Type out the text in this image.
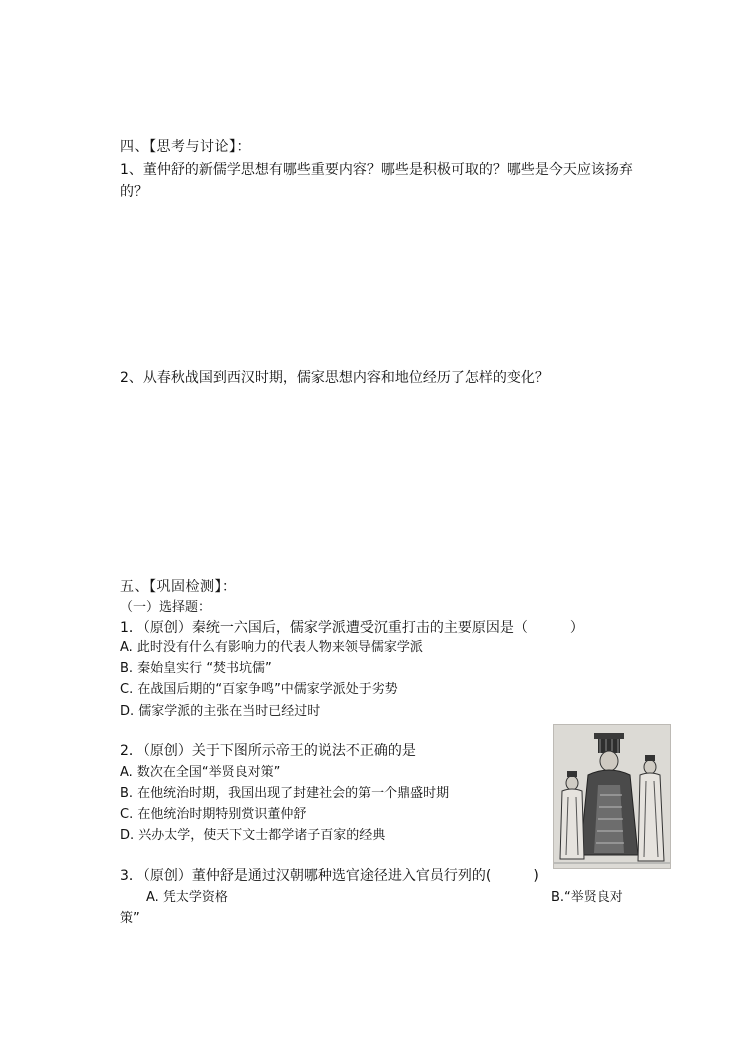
四、【思考与讨论】：
1、董仲舒的新儒学思想有哪些重要内容？哪些是积极可取的？哪些是今天应该扬弃
的？
2、从春秋战国到西汉时期，儒家思想内容和地位经历了怎样的变化？
五、【巩固检测】：
（一）选择题：
1．（原创）秦统一六国后，儒家学派遭受沉重打击的主要原因是（　　　）
A. 此时没有什么有影响力的代表人物来领导儒家学派
B. 秦始皇实行 “焚书坑儒”
C. 在战国后期的“百家争鸣”中儒家学派处于劣势
D. 儒家学派的主张在当时已经过时
2．（原创）关于下图所示帝王的说法不正确的是
A. 数次在全国“举贤良对策”
B. 在他统治时期，我国出现了封建社会的第一个鼎盛时期
C. 在他统治时期特别赏识董仲舒
D. 兴办太学，使天下文士都学诸子百家的经典
3．（原创）董仲舒是通过汉朝哪种选官途径进入官员行列的(　　　)
A. 凭太学资格	B.“举贤良对
策”
